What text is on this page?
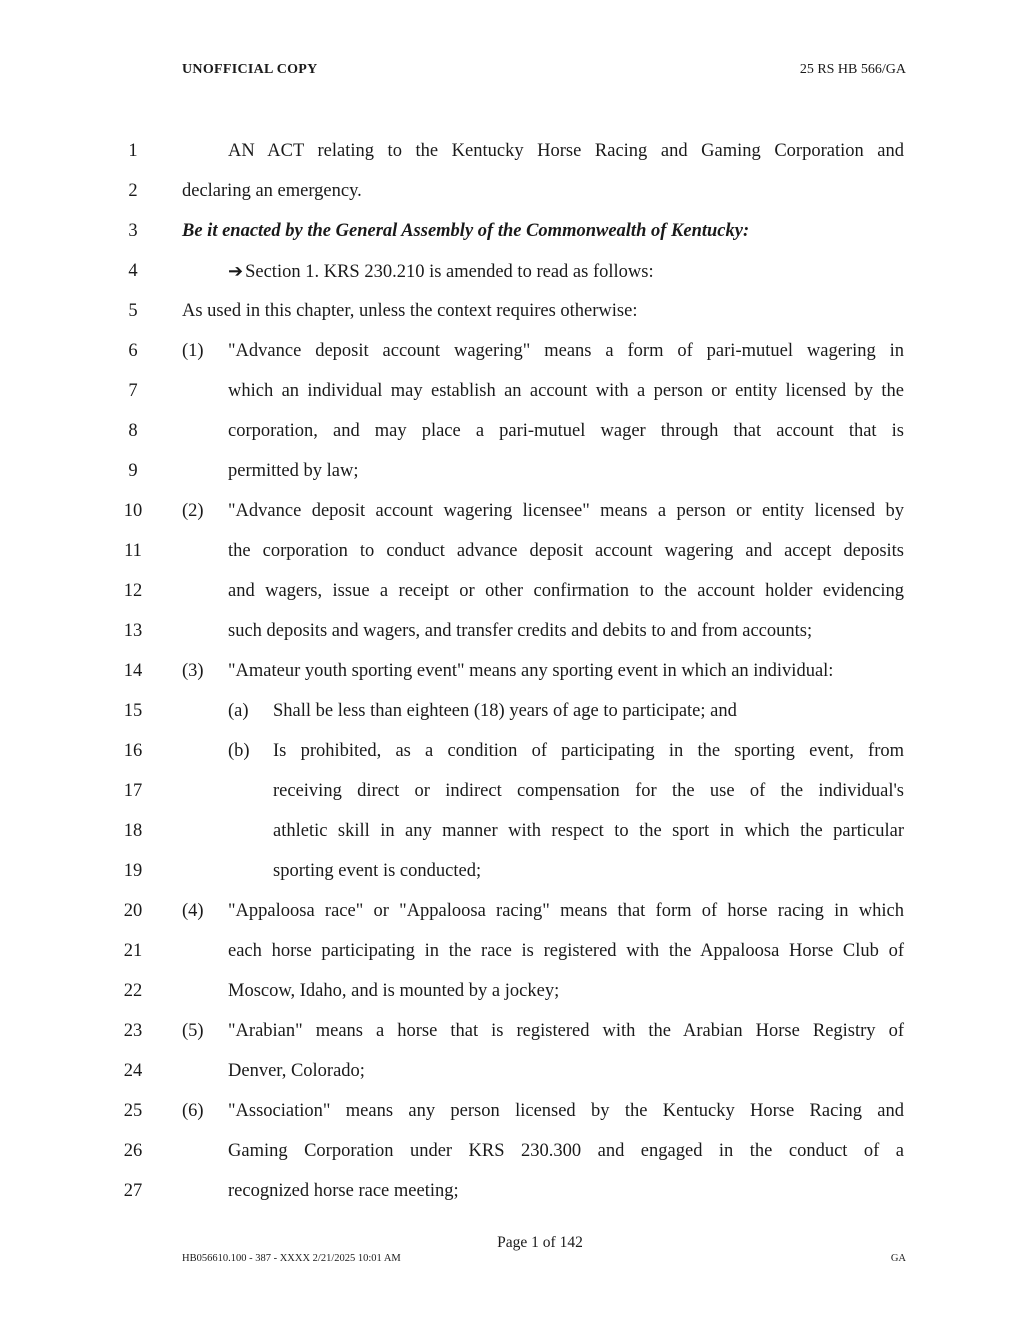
UNOFFICIAL COPY	25 RS HB 566/GA
1	AN ACT relating to the Kentucky Horse Racing and Gaming Corporation and
2	declaring an emergency.
3	Be it enacted by the General Assembly of the Commonwealth of Kentucky:
4	➔ Section 1. KRS 230.210 is amended to read as follows:
5	As used in this chapter, unless the context requires otherwise:
6	(1) "Advance deposit account wagering" means a form of pari-mutuel wagering in
7	which an individual may establish an account with a person or entity licensed by the
8	corporation, and may place a pari-mutuel wager through that account that is
9	permitted by law;
10	(2) "Advance deposit account wagering licensee" means a person or entity licensed by
11	the corporation to conduct advance deposit account wagering and accept deposits
12	and wagers, issue a receipt or other confirmation to the account holder evidencing
13	such deposits and wagers, and transfer credits and debits to and from accounts;
14	(3) "Amateur youth sporting event" means any sporting event in which an individual:
15	(a) Shall be less than eighteen (18) years of age to participate; and
16	(b) Is prohibited, as a condition of participating in the sporting event, from
17	receiving direct or indirect compensation for the use of the individual's
18	athletic skill in any manner with respect to the sport in which the particular
19	sporting event is conducted;
20	(4) "Appaloosa race" or "Appaloosa racing" means that form of horse racing in which
21	each horse participating in the race is registered with the Appaloosa Horse Club of
22	Moscow, Idaho, and is mounted by a jockey;
23	(5) "Arabian" means a horse that is registered with the Arabian Horse Registry of
24	Denver, Colorado;
25	(6) "Association" means any person licensed by the Kentucky Horse Racing and
26	Gaming Corporation under KRS 230.300 and engaged in the conduct of a
27	recognized horse race meeting;
Page 1 of 142
HB056610.100 - 387 - XXXX 2/21/2025 10:01 AM	GA
